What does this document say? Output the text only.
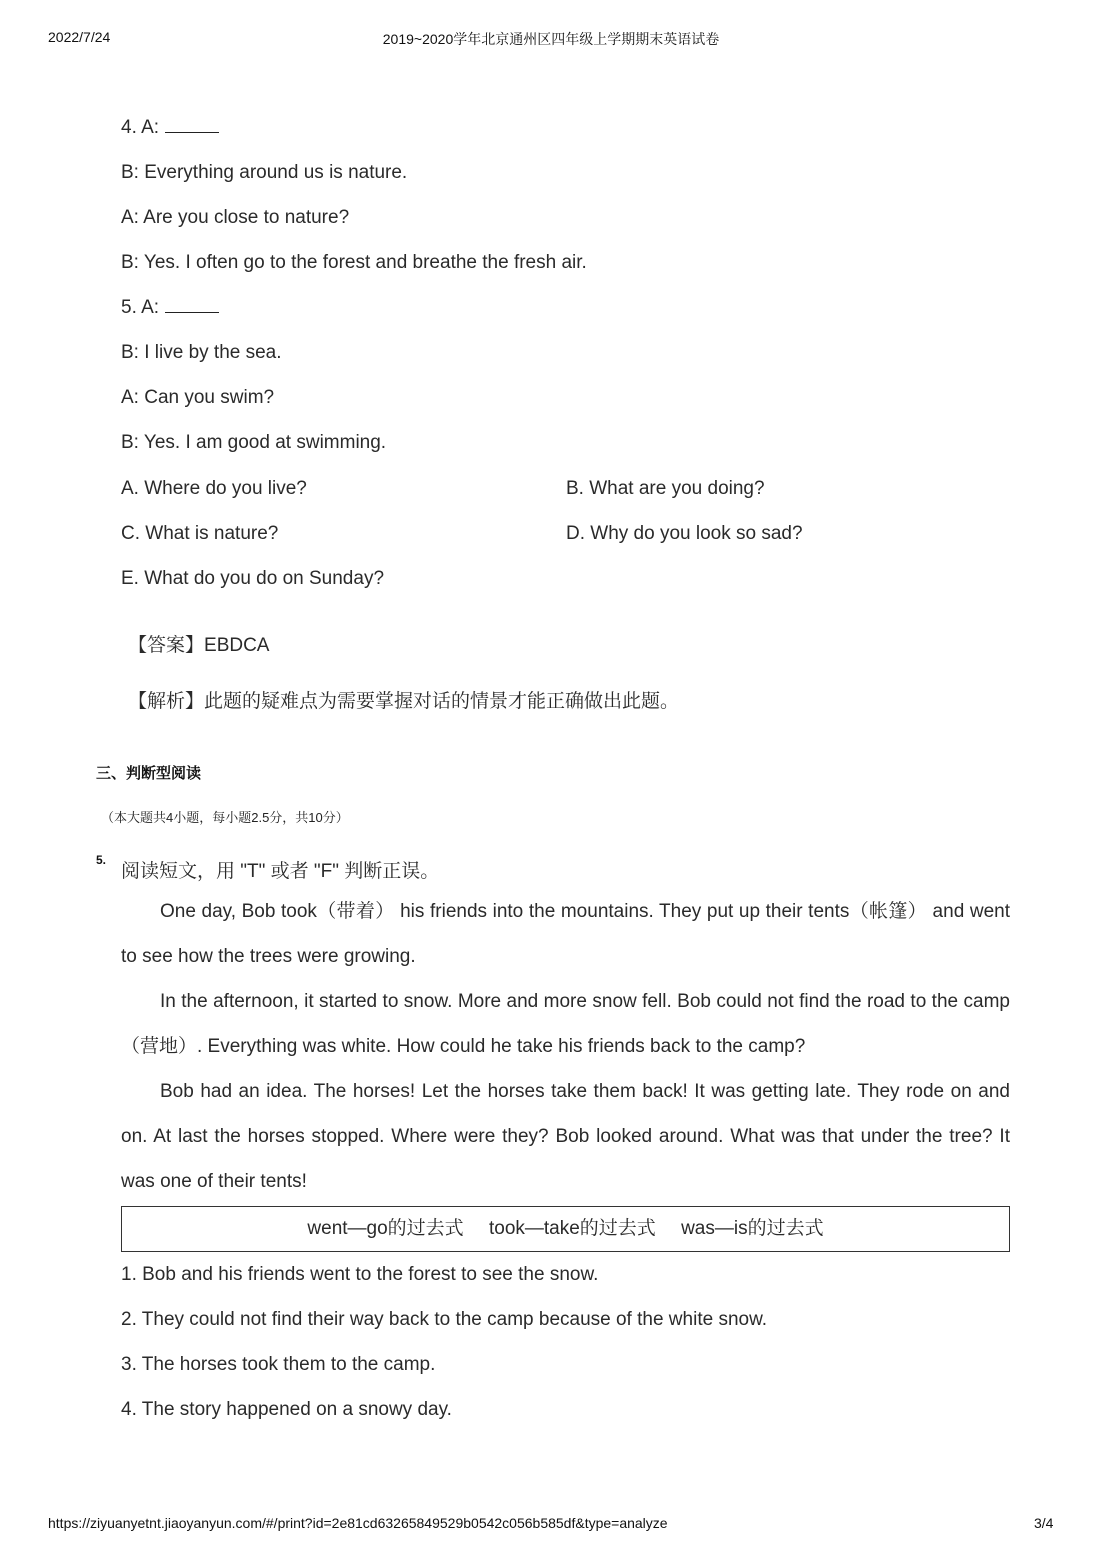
2022/7/24	2019~2020学年北京通州区四年级上学期期末英语试卷
4. A:
B: Everything around us is nature.
A: Are you close to nature?
B: Yes. I often go to the forest and breathe the fresh air.
5. A:
B: I live by the sea.
A: Can you swim?
B: Yes. I am good at swimming.
A. Where do you live?	B. What are you doing?
C. What is nature?	D. Why do you look so sad?
E. What do you do on Sunday?
【答案】EBDCA
【解析】此题的疑难点为需要掌握对话的情景才能正确做出此题。
三、判断型阅读
（本大题共4小题，每小题2.5分，共10分）
5.
阅读短文，用 "T" 或者 "F" 判断正误。
One day, Bob took（带着） his friends into the mountains. They put up their tents（帐篷） and went to see how the trees were growing.
In the afternoon, it started to snow. More and more snow fell. Bob could not find the road to the camp（营地）. Everything was white. How could he take his friends back to the camp?
Bob had an idea. The horses! Let the horses take them back! It was getting late. They rode on and on. At last the horses stopped. Where were they? Bob looked around. What was that under the tree? It was one of their tents!
went—go的过去式 took—take的过去式 was—is的过去式
1. Bob and his friends went to the forest to see the snow.
2. They could not find their way back to the camp because of the white snow.
3. The horses took them to the camp.
4. The story happened on a snowy day.
https://ziyuanyetnt.jiaoyanyun.com/#/print?id=2e81cd63265849529b0542c056b585df&type=analyze	3/4
